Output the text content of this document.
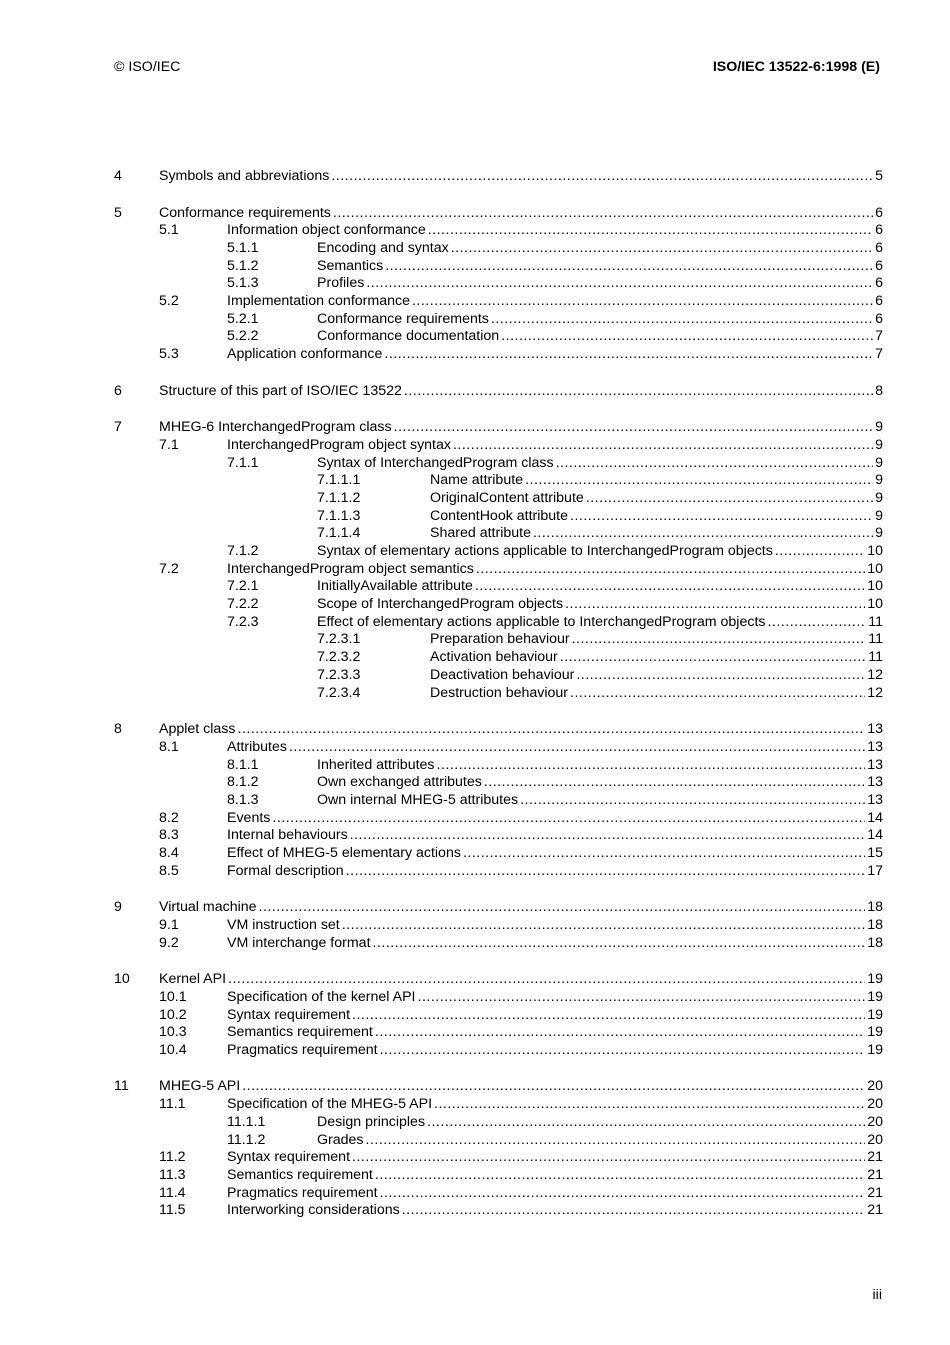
© ISO/IEC	ISO/IEC 13522-6:1998 (E)
4	Symbols and abbreviations .....	5
5	Conformance requirements .....	6
5.1	Information object conformance .....	6
5.1.1	Encoding and syntax .....	6
5.1.2	Semantics .....	6
5.1.3	Profiles .....	6
5.2	Implementation conformance .....	6
5.2.1	Conformance requirements .....	6
5.2.2	Conformance documentation .....	7
5.3	Application conformance .....	7
6	Structure of this part of ISO/IEC 13522 .....	8
7	MHEG-6 InterchangedProgram class .....	9
7.1	InterchangedProgram object syntax .....	9
7.1.1	Syntax of InterchangedProgram class .....	9
7.1.1.1	Name attribute .....	9
7.1.1.2	OriginalContent attribute .....	9
7.1.1.3	ContentHook attribute .....	9
7.1.1.4	Shared attribute .....	9
7.1.2	Syntax of elementary actions applicable to InterchangedProgram objects .....	10
7.2	InterchangedProgram object semantics .....	10
7.2.1	InitiallyAvailable attribute .....	10
7.2.2	Scope of InterchangedProgram objects .....	10
7.2.3	Effect of elementary actions applicable to InterchangedProgram objects .....	11
7.2.3.1	Preparation behaviour .....	11
7.2.3.2	Activation behaviour .....	11
7.2.3.3	Deactivation behaviour .....	12
7.2.3.4	Destruction behaviour .....	12
8	Applet class .....	13
8.1	Attributes .....	13
8.1.1	Inherited attributes .....	13
8.1.2	Own exchanged attributes .....	13
8.1.3	Own internal MHEG-5 attributes .....	13
8.2	Events .....	14
8.3	Internal behaviours .....	14
8.4	Effect of MHEG-5 elementary actions .....	15
8.5	Formal description .....	17
9	Virtual machine .....	18
9.1	VM instruction set .....	18
9.2	VM interchange format .....	18
10 Kernel API .....	19
10.1	Specification of the kernel API .....	19
10.2	Syntax requirement .....	19
10.3	Semantics requirement .....	19
10.4	Pragmatics requirement .....	19
11 MHEG-5 API .....	20
11.1	Specification of the MHEG-5 API .....	20
11.1.1	Design principles .....	20
11.1.2	Grades .....	20
11.2	Syntax requirement .....	21
11.3	Semantics requirement .....	21
11.4	Pragmatics requirement .....	21
11.5	Interworking considerations .....	21
iii
